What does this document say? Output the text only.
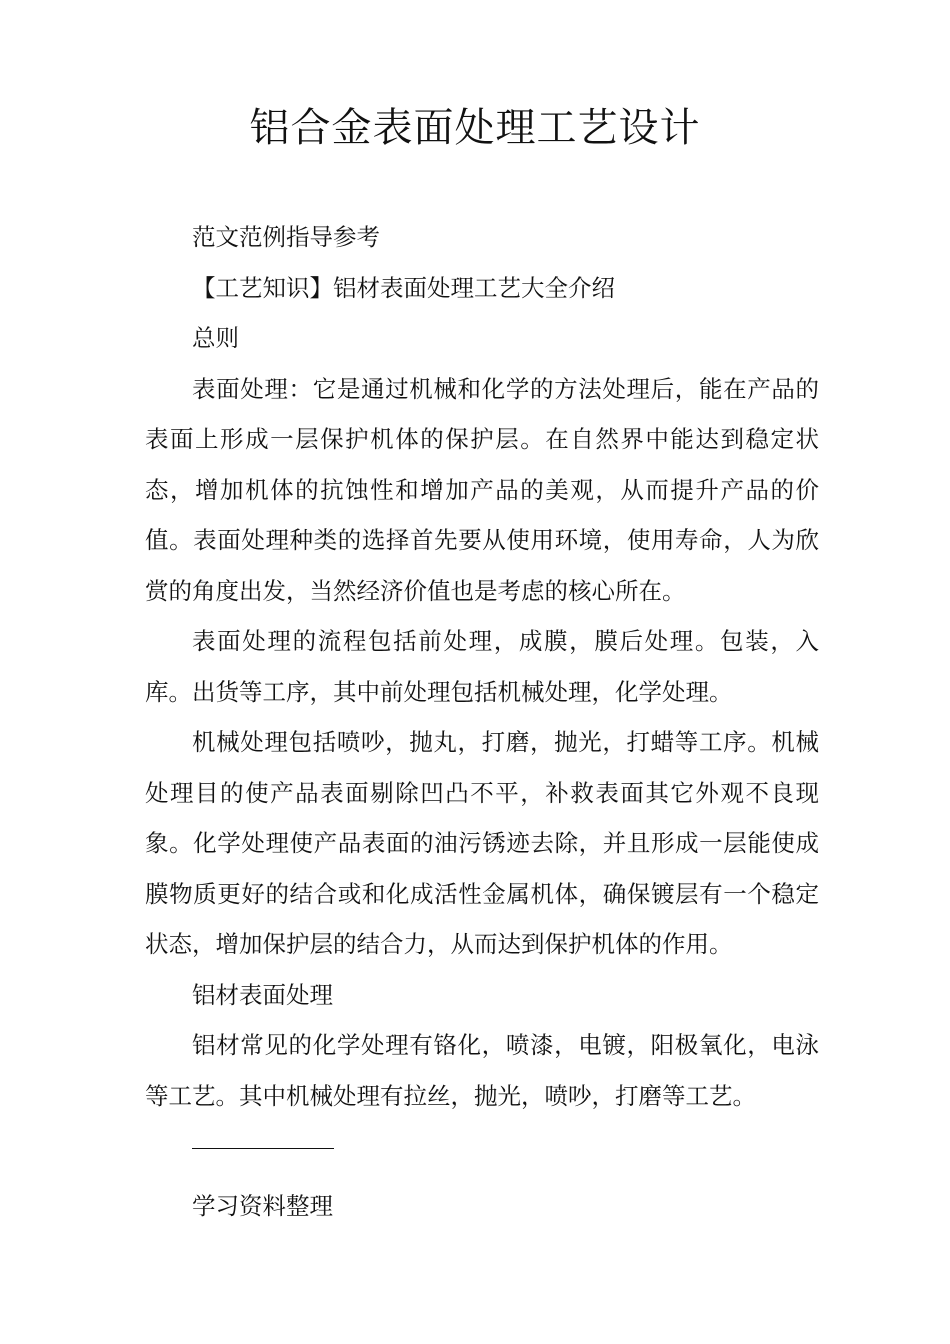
铝合金表面处理工艺设计

范文范例指导参考

【工艺知识】铝材表面处理工艺大全介绍

总则

表面处理：它是通过机械和化学的方法处理后，能在产品的表面上形成一层保护机体的保护层。在自然界中能达到稳定状态，增加机体的抗蚀性和增加产品的美观，从而提升产品的价值。表面处理种类的选择首先要从使用环境，使用寿命，人为欣赏的角度出发，当然经济价值也是考虑的核心所在。

表面处理的流程包括前处理，成膜，膜后处理。包装，入库。出货等工序，其中前处理包括机械处理，化学处理。

机械处理包括喷吵，抛丸，打磨，抛光，打蜡等工序。机械处理目的使产品表面剔除凹凸不平，补救表面其它外观不良现象。化学处理使产品表面的油污锈迹去除，并且形成一层能使成膜物质更好的结合或和化成活性金属机体，确保镀层有一个稳定状态，增加保护层的结合力，从而达到保护机体的作用。

铝材表面处理

铝材常见的化学处理有铬化，喷漆，电镀，阳极氧化，电泳等工艺。其中机械处理有拉丝，抛光，喷吵，打磨等工艺。

学习资料整理
